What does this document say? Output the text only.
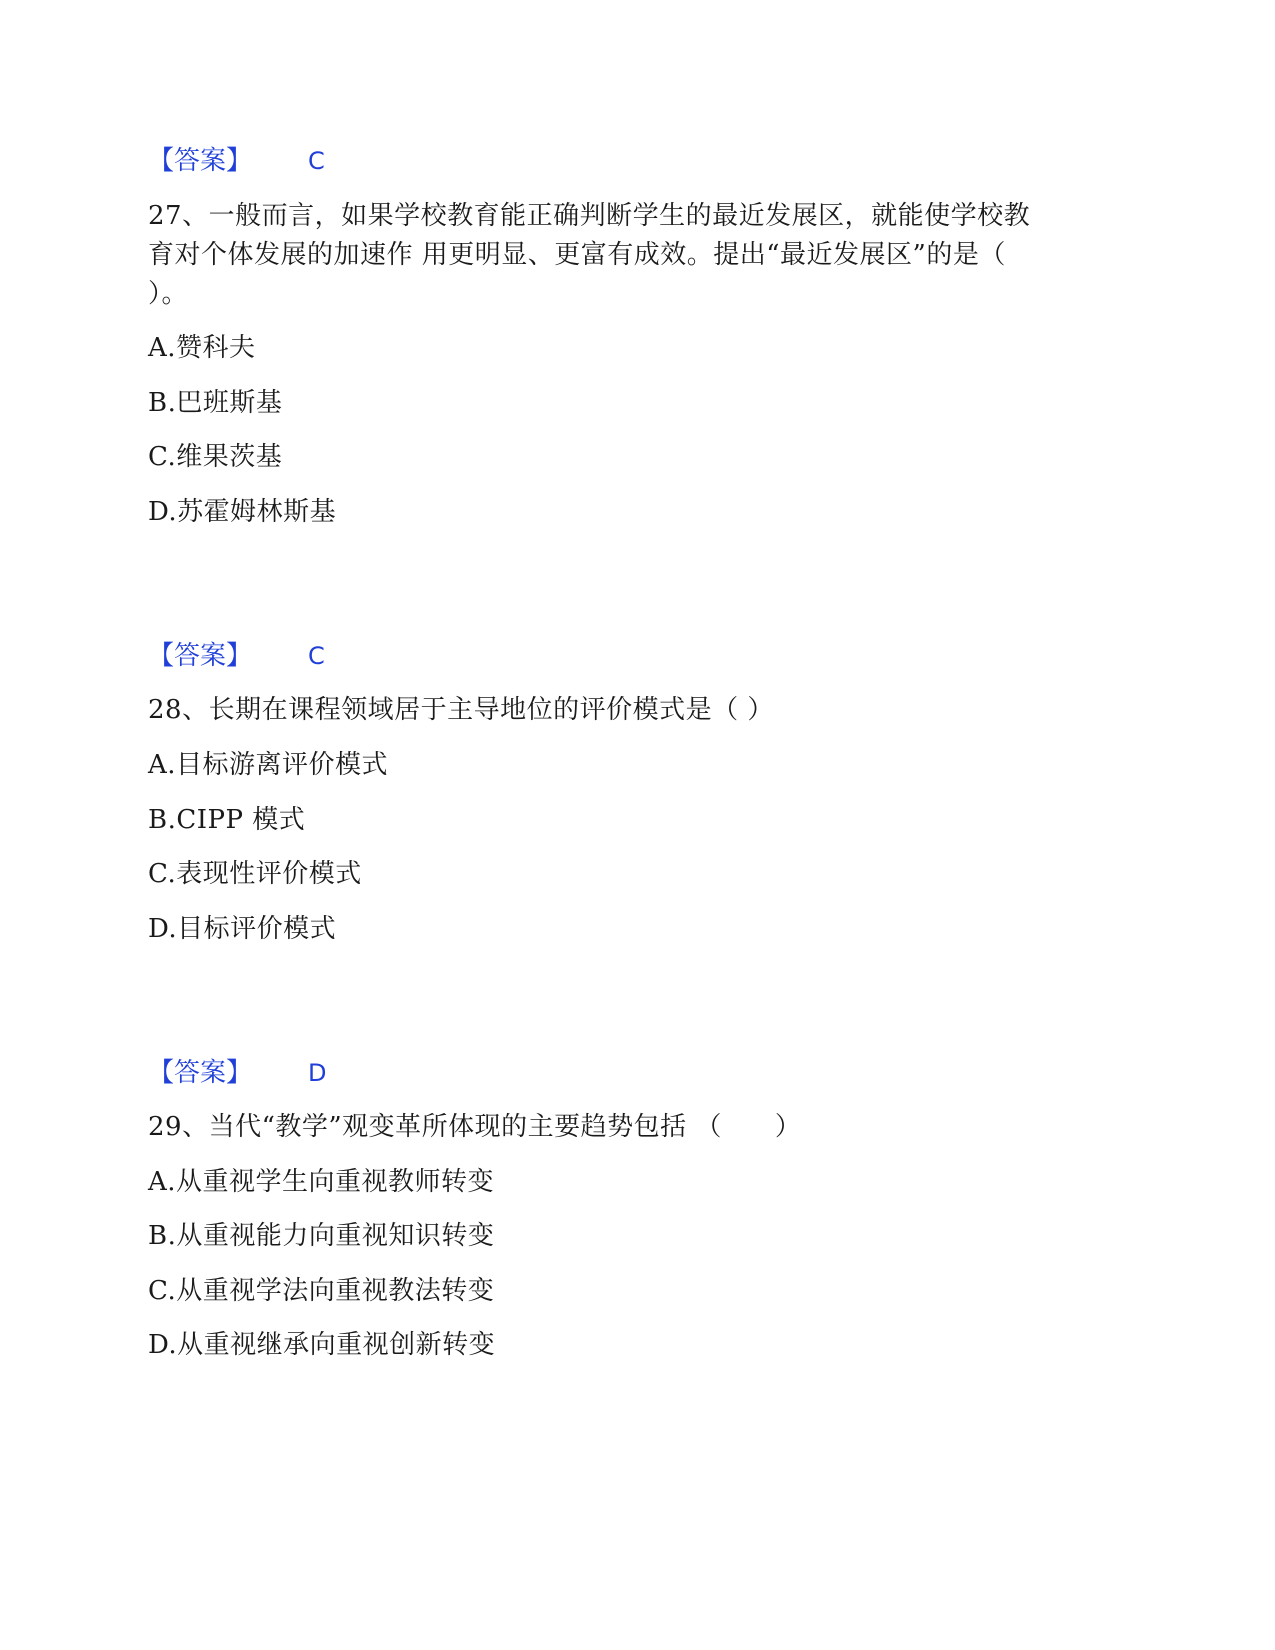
【答案】 C
27、一般而言，如果学校教育能正确判断学生的最近发展区，就能使学校教
育对个体发展的加速作 用更明显、更富有成效。提出“最近发展区”的是（
）。
A.赞科夫
B.巴班斯基
C.维果茨基
D.苏霍姆林斯基
【答案】 C
28、长期在课程领域居于主导地位的评价模式是（ ）
A.目标游离评价模式
B.CIPP 模式
C.表现性评价模式
D.目标评价模式
【答案】 D
29、当代“教学”观变革所体现的主要趋势包括 （　　）
A.从重视学生向重视教师转变
B.从重视能力向重视知识转变
C.从重视学法向重视教法转变
D.从重视继承向重视创新转变
